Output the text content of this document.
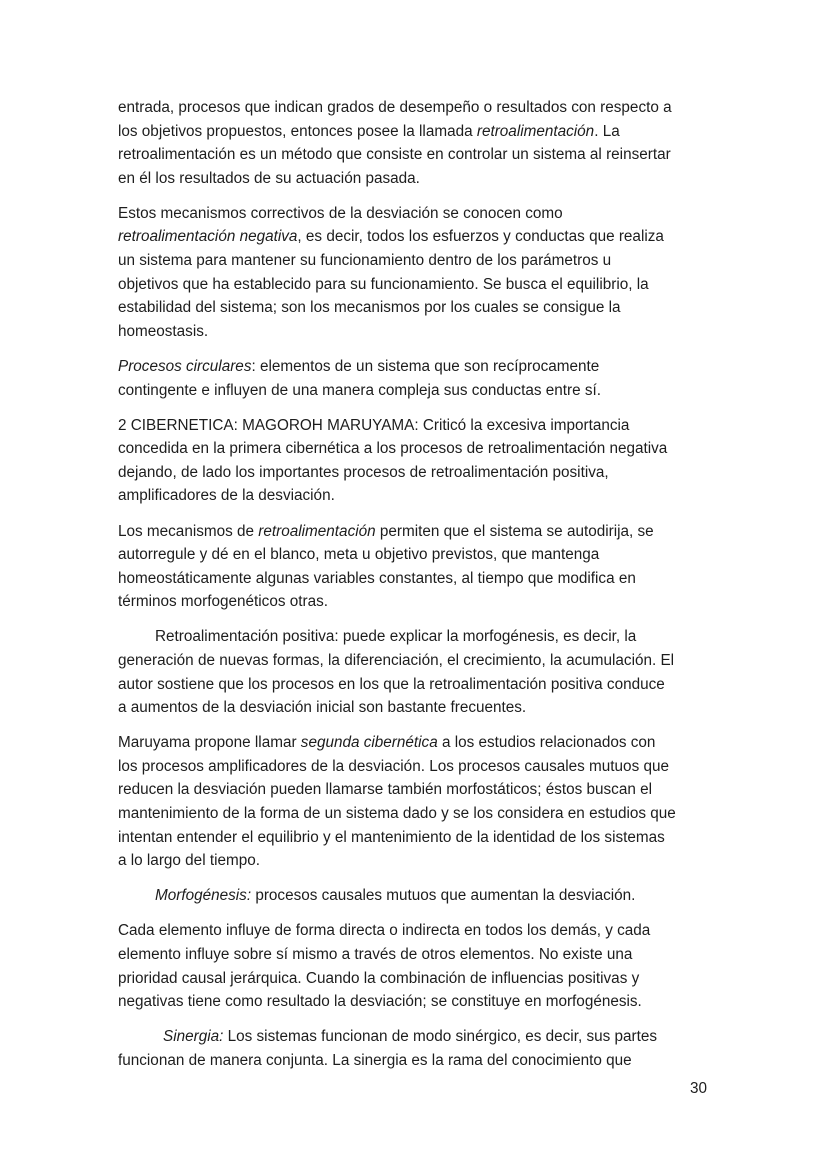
entrada, procesos que indican grados de desempeño o resultados con respecto a
los objetivos propuestos, entonces posee la llamada retroalimentación. La
retroalimentación es un método que consiste en controlar un sistema al reinsertar
en él los resultados de su actuación pasada.

Estos mecanismos correctivos de la desviación se conocen como
retroalimentación negativa, es decir, todos los esfuerzos y conductas que realiza
un sistema para mantener su funcionamiento dentro de los parámetros u
objetivos que ha establecido para su funcionamiento. Se busca el equilibrio, la
estabilidad del sistema; son los mecanismos por los cuales se consigue la
homeostasis.

Procesos circulares: elementos de un sistema que son recíprocamente
contingente e influyen de una manera compleja sus conductas entre sí.

2 CIBERNETICA: MAGOROH MARUYAMA: Criticó la excesiva importancia
concedida en la primera cibernética a los procesos de retroalimentación negativa
dejando, de lado los importantes procesos de retroalimentación positiva,
amplificadores de la desviación.

Los mecanismos de retroalimentación permiten que el sistema se autodirija, se
autorregule y dé en el blanco, meta u objetivo previstos, que mantenga
homeostáticamente algunas variables constantes, al tiempo que modifica en
términos morfogenéticos otras.

Retroalimentación positiva: puede explicar la morfogénesis, es decir, la
generación de nuevas formas, la diferenciación, el crecimiento, la acumulación. El
autor sostiene que los procesos en los que la retroalimentación positiva conduce
a aumentos de la desviación inicial son bastante frecuentes.

Maruyama propone llamar segunda cibernética a los estudios relacionados con
los procesos amplificadores de la desviación. Los procesos causales mutuos que
reducen la desviación pueden llamarse también morfostáticos; éstos buscan el
mantenimiento de la forma de un sistema dado y se los considera en estudios que
intentan entender el equilibrio y el mantenimiento de la identidad de los sistemas
a lo largo del tiempo.

Morfogénesis: procesos causales mutuos que aumentan la desviación.

Cada elemento influye de forma directa o indirecta en todos los demás, y cada
elemento influye sobre sí mismo a través de otros elementos. No existe una
prioridad causal jerárquica. Cuando la combinación de influencias positivas y
negativas tiene como resultado la desviación; se constituye en morfogénesis.

Sinergia: Los sistemas funcionan de modo sinérgico, es decir, sus partes
funcionan de manera conjunta. La sinergia es la rama del conocimiento que

30
